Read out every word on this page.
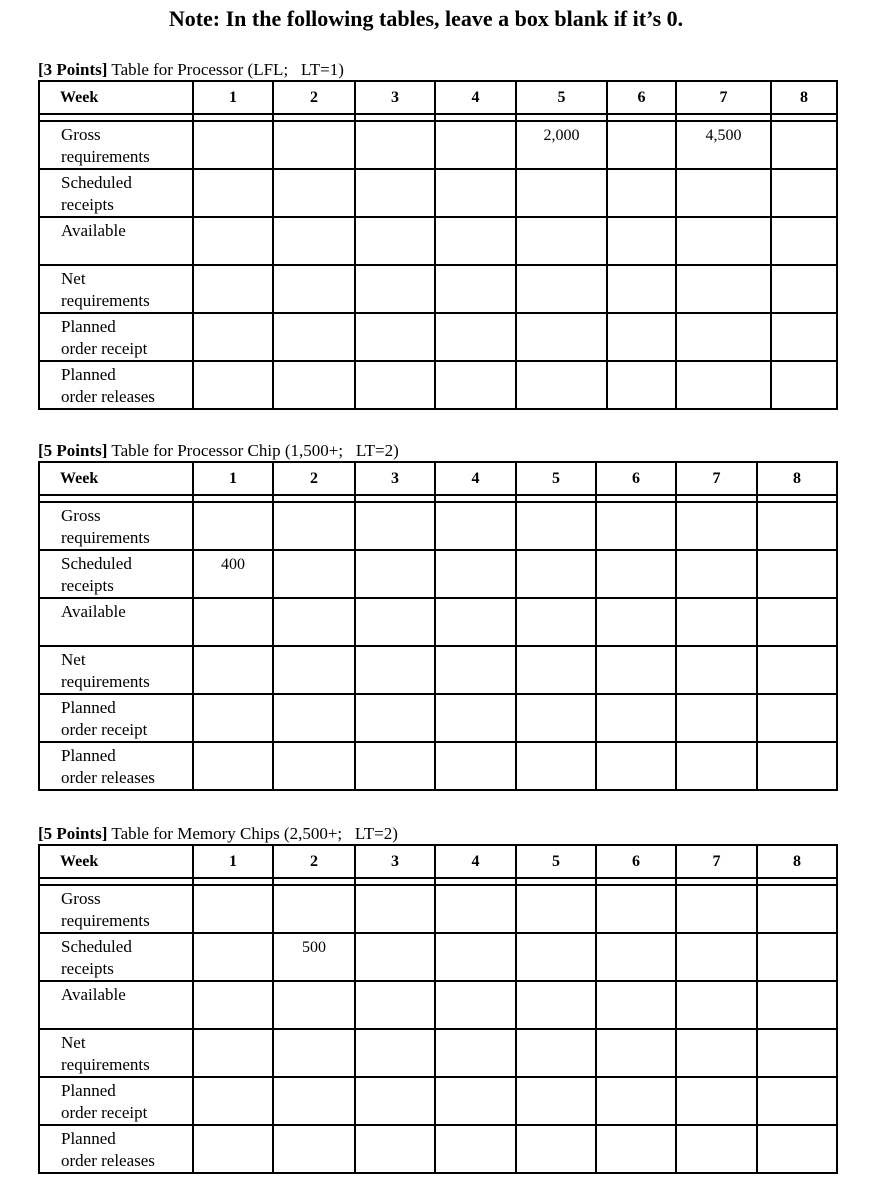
Note: In the following tables, leave a box blank if it’s 0.
[3 Points] Table for Processor (LFL;   LT=1)
Week	1	2	3	4	5	6	7	8

Gross
requirements					2,000		4,500	

Scheduled
receipts								

Available								

Net
requirements								

Planned
order receipt								

Planned
order releases								

[5 Points] Table for Processor Chip (1,500+;   LT=2)
Week	1	2	3	4	5	6	7	8

Gross
requirements								

Scheduled
receipts	400							

Available								

Net
requirements								

Planned
order receipt								

Planned
order releases								

[5 Points] Table for Memory Chips (2,500+;   LT=2)
Week	1	2	3	4	5	6	7	8

Gross
requirements								

Scheduled
receipts		500						

Available								

Net
requirements								

Planned
order receipt								

Planned
order releases								
